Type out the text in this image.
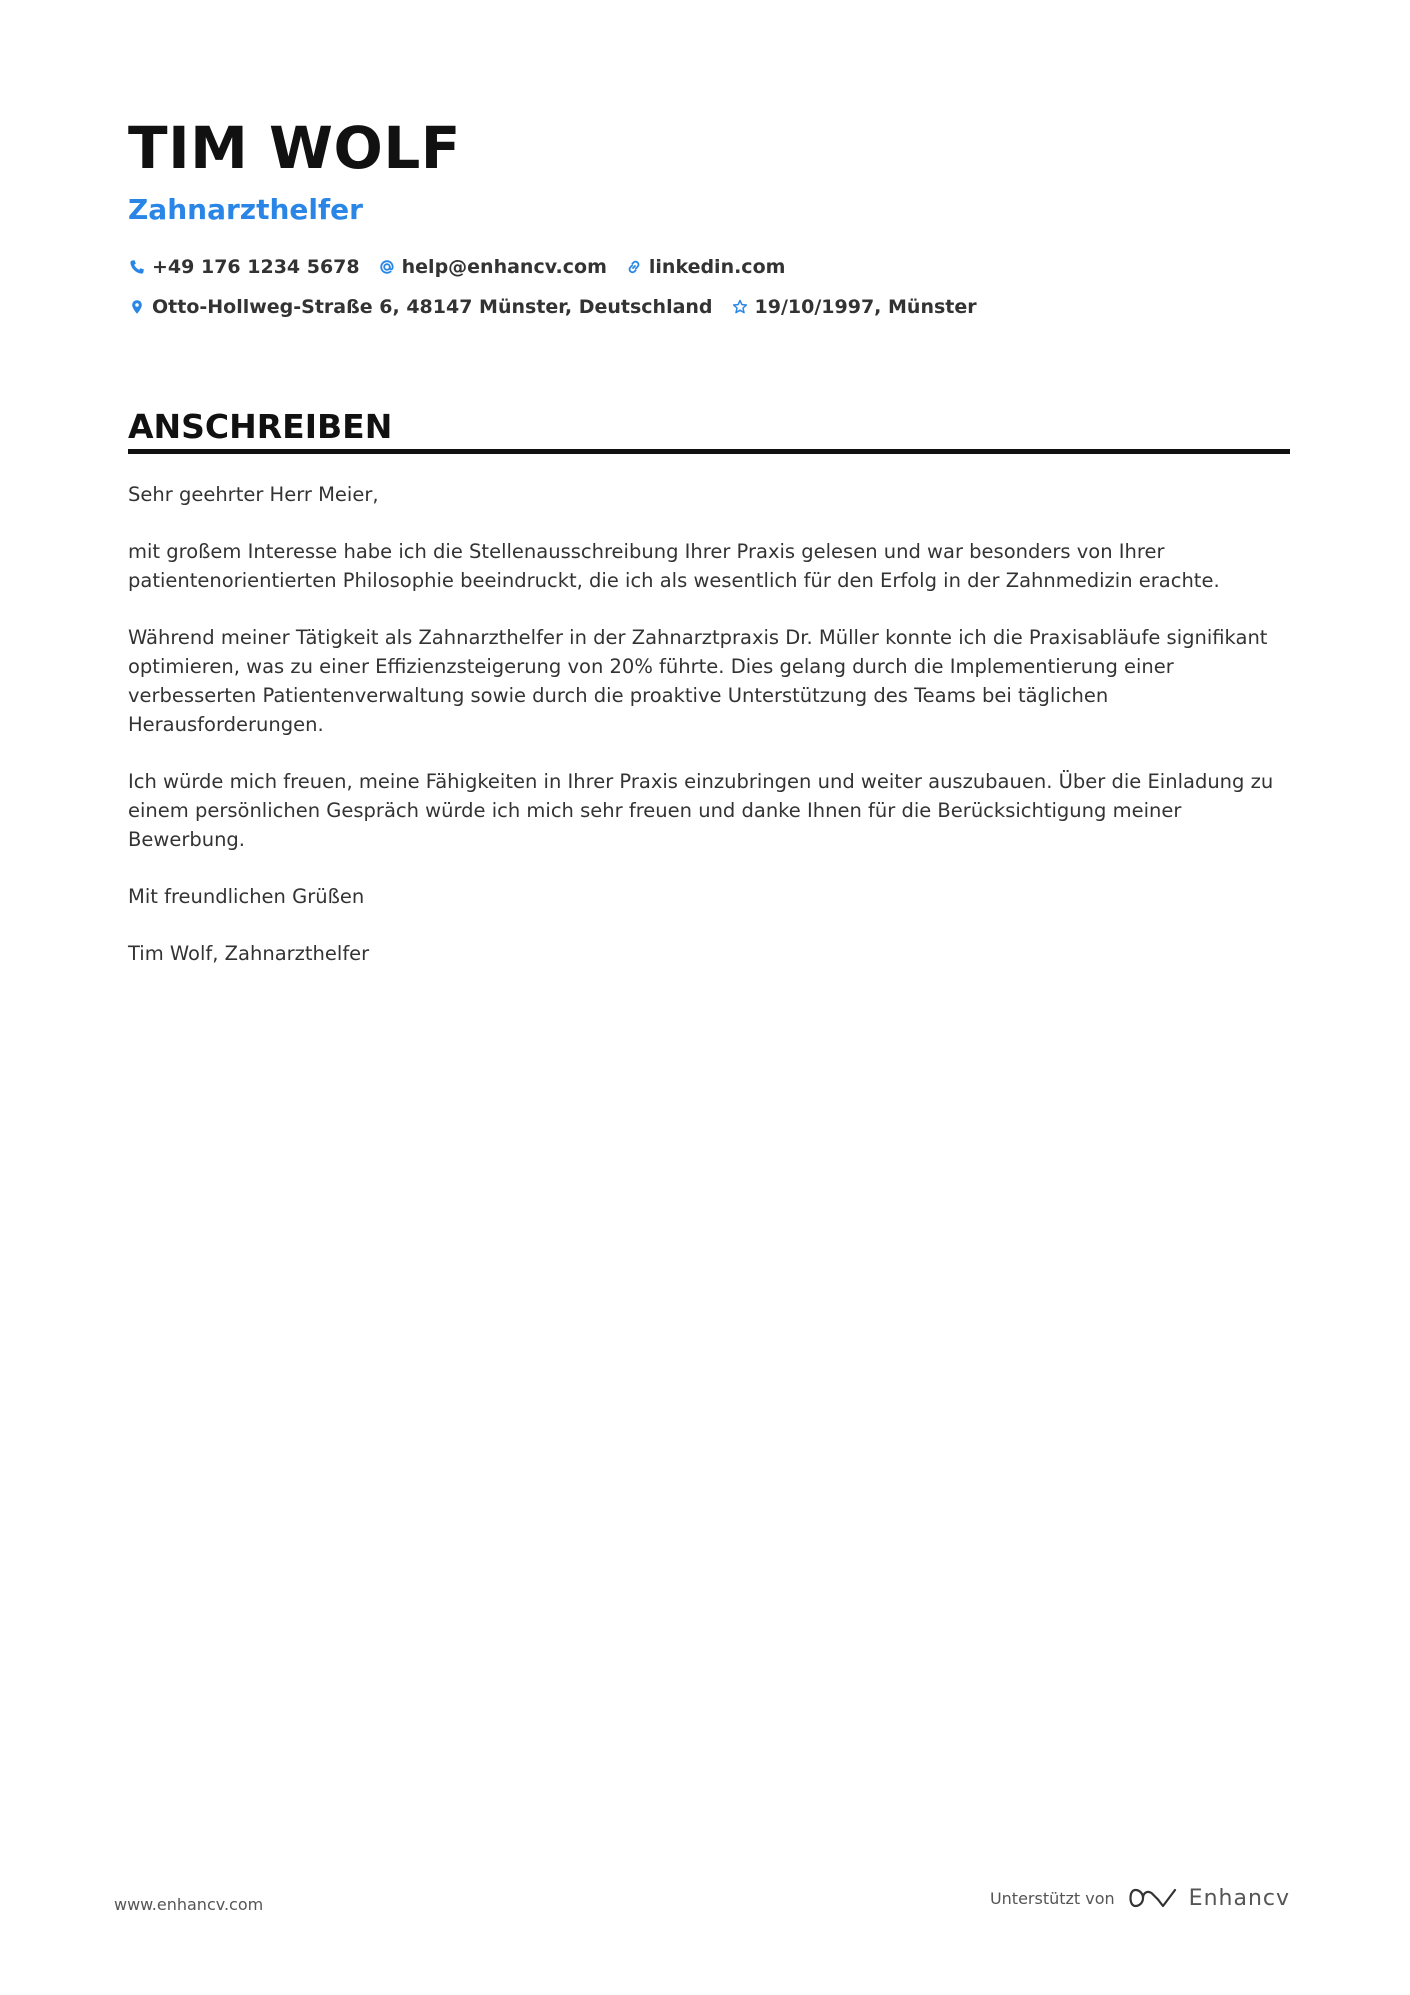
TIM WOLF
Zahnarzthelfer
+49 176 1234 5678 help@enhancv.com linkedin.com
Otto-Hollweg-Straße 6, 48147 Münster, Deutschland 19/10/1997, Münster
ANSCHREIBEN

Sehr geehrter Herr Meier,

mit großem Interesse habe ich die Stellenausschreibung Ihrer Praxis gelesen und war besonders von Ihrer patientenorientierten Philosophie beeindruckt, die ich als wesentlich für den Erfolg in der Zahnmedizin erachte.

Während meiner Tätigkeit als Zahnarzthelfer in der Zahnarztpraxis Dr. Müller konnte ich die Praxisabläufe signifikant optimieren, was zu einer Effizienzsteigerung von 20% führte. Dies gelang durch die Implementierung einer verbesserten Patientenverwaltung sowie durch die proaktive Unterstützung des Teams bei täglichen Herausforderungen.

Ich würde mich freuen, meine Fähigkeiten in Ihrer Praxis einzubringen und weiter auszubauen. Über die Einladung zu einem persönlichen Gespräch würde ich mich sehr freuen und danke Ihnen für die Berücksichtigung meiner Bewerbung.

Mit freundlichen Grüßen

Tim Wolf, Zahnarzthelfer

www.enhancv.com	Unterstützt von	Enhancv
